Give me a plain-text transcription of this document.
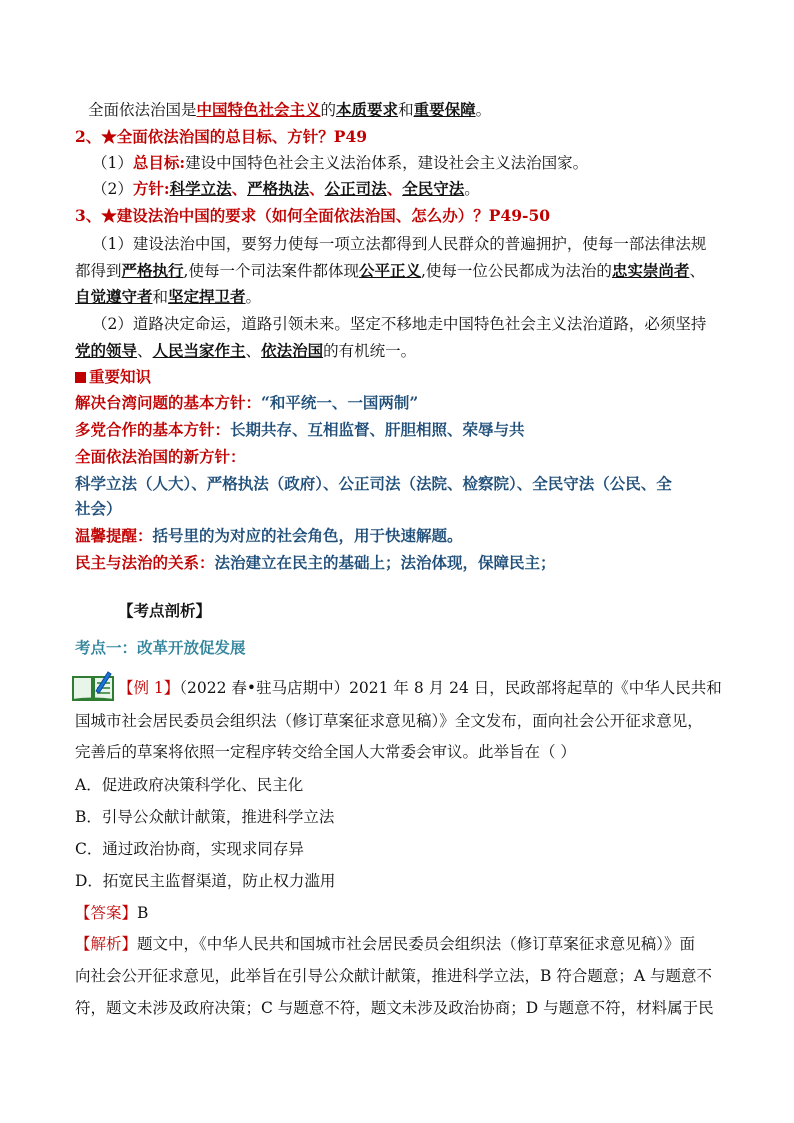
全面依法治国是中国特色社会主义的本质要求和重要保障。
2、★全面依法治国的总目标、方针？P49
（1）总目标:建设中国特色社会主义法治体系，建设社会主义法治国家。
（2）方针:科学立法、严格执法、公正司法、全民守法。
3、★建设法治中国的要求（如何全面依法治国、怎么办）？P49-50
（1）建设法治中国，要努力使每一项立法都得到人民群众的普遍拥护，使每一部法律法规
都得到严格执行,使每一个司法案件都体现公平正义,使每一位公民都成为法治的忠实崇尚者、
自觉遵守者和坚定捍卫者。
（2）道路决定命运，道路引领未来。坚定不移地走中国特色社会主义法治道路，必须坚持
党的领导、人民当家作主、依法治国的有机统一。
重要知识
解决台湾问题的基本方针：“和平统一、一国两制”
多党合作的基本方针：长期共存、互相监督、肝胆相照、荣辱与共
全面依法治国的新方针：
科学立法（人大）、严格执法（政府）、公正司法（法院、检察院）、全民守法（公民、全
社会）
温馨提醒：括号里的为对应的社会角色，用于快速解题。
民主与法治的关系：法治建立在民主的基础上；法治体现，保障民主；
【考点剖析】
考点一：改革开放促发展
【例 1】（2022 春•驻马店期中）2021 年 8 月 24 日，民政部将起草的《中华人民共和
国城市社会居民委员会组织法（修订草案征求意见稿）》全文发布，面向社会公开征求意见，
完善后的草案将依照一定程序转交给全国人大常委会审议。此举旨在（ ）
A．促进政府决策科学化、民主化
B．引导公众献计献策，推进科学立法
C．通过政治协商，实现求同存异
D．拓宽民主监督渠道，防止权力滥用
【答案】B
【解析】题文中，《中华人民共和国城市社会居民委员会组织法（修订草案征求意见稿）》面
向社会公开征求意见，此举旨在引导公众献计献策，推进科学立法，B 符合题意；A 与题意不
符，题文未涉及政府决策；C 与题意不符，题文未涉及政治协商；D 与题意不符，材料属于民
